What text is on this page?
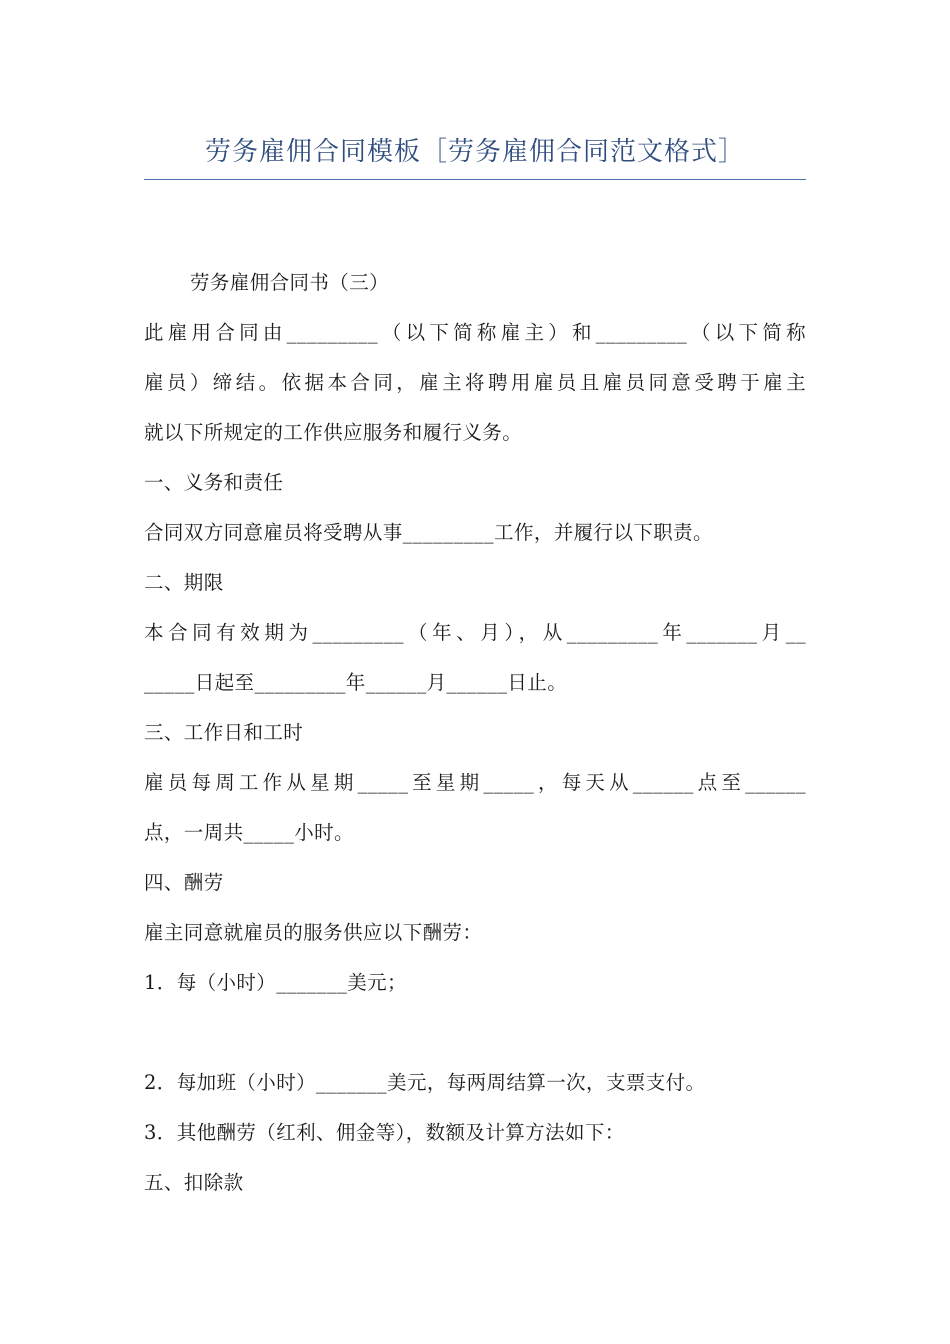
劳务雇佣合同模板［劳务雇佣合同范文格式］
劳务雇佣合同书（三）
此雇用合同由_________（以下简称雇主）和_________（以下简称
雇员）缔结。依据本合同，雇主将聘用雇员且雇员同意受聘于雇主
就以下所规定的工作供应服务和履行义务。
一、义务和责任
合同双方同意雇员将受聘从事_________工作，并履行以下职责。
二、期限
本合同有效期为_________（年、月），从_________年_______月__
_____日起至_________年______月______日止。
三、工作日和工时
雇员每周工作从星期_____至星期_____，每天从______点至______
点，一周共_____小时。
四、酬劳
雇主同意就雇员的服务供应以下酬劳：
1．每（小时）_______美元；
2．每加班（小时）_______美元，每两周结算一次，支票支付。
3．其他酬劳（红利、佣金等），数额及计算方法如下：
五、扣除款
